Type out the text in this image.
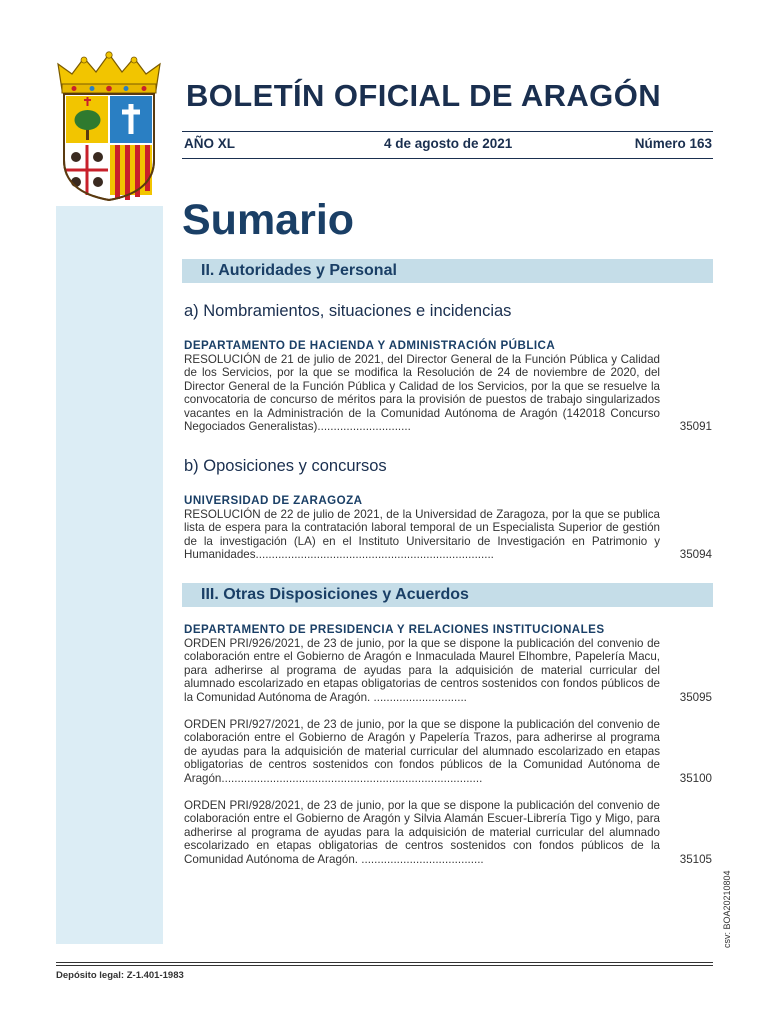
BOLETÍN OFICIAL DE ARAGÓN
AÑO XL	4 de agosto de 2021	Número 163
Sumario
II. Autoridades y Personal
a) Nombramientos, situaciones e incidencias
DEPARTAMENTO DE HACIENDA Y ADMINISTRACIÓN PÚBLICA
RESOLUCIÓN de 21 de julio de 2021, del Director General de la Función Pública y Calidad de los Servicios, por la que se modifica la Resolución de 24 de noviembre de 2020, del Director General de la Función Pública y Calidad de los Servicios, por la que se resuelve la convocatoria de concurso de méritos para la provisión de puestos de trabajo singularizados vacantes en la Administración de la Comunidad Autónoma de Aragón (142018 Concurso Negociados Generalistas).............................	35091
b) Oposiciones y concursos
UNIVERSIDAD DE ZARAGOZA
RESOLUCIÓN de 22 de julio de 2021, de la Universidad de Zaragoza, por la que se publica lista de espera para la contratación laboral temporal de un Especialista Superior de gestión de la investigación (LA) en el Instituto Universitario de Investigación en Patrimonio y Humanidades..........................................................................	35094
III. Otras Disposiciones y Acuerdos
DEPARTAMENTO DE PRESIDENCIA Y RELACIONES INSTITUCIONALES
ORDEN PRI/926/2021, de 23 de junio, por la que se dispone la publicación del convenio de colaboración entre el Gobierno de Aragón e Inmaculada Maurel Elhombre, Papelería Macu, para adherirse al programa de ayudas para la adquisición de material curricular del alumnado escolarizado en etapas obligatorias de centros sostenidos con fondos públicos de la Comunidad Autónoma de Aragón. .............................	35095
ORDEN PRI/927/2021, de 23 de junio, por la que se dispone la publicación del convenio de colaboración entre el Gobierno de Aragón y Papelería Trazos, para adherirse al programa de ayudas para la adquisición de material curricular del alumnado escolarizado en etapas obligatorias de centros sostenidos con fondos públicos de la Comunidad Autónoma de Aragón.................................................................................	35100
ORDEN PRI/928/2021, de 23 de junio, por la que se dispone la publicación del convenio de colaboración entre el Gobierno de Aragón y Silvia Alamán Escuer-Librería Tigo y Migo, para adherirse al programa de ayudas para la adquisición de material curricular del alumnado escolarizado en etapas obligatorias de centros sostenidos con fondos públicos de la Comunidad Autónoma de Aragón. ......................................	35105
csv: BOA20210804
Depósito legal: Z-1.401-1983
